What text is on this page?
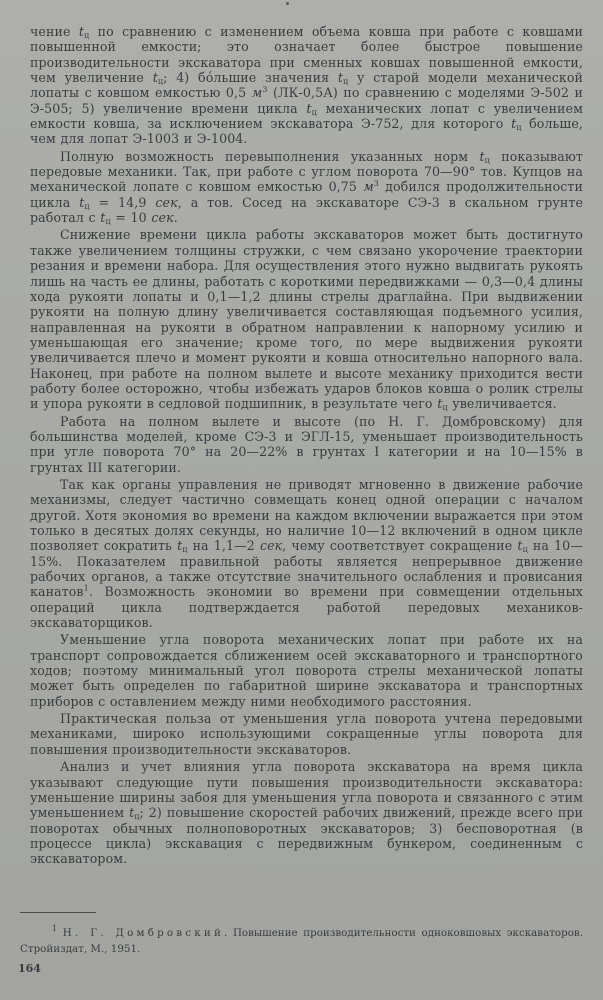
чение $t_ц$ по сравнению с изменением объема ковша при работе с ковшами повышенной емкости; это означает более быстрое повышение производительности экскаватора при сменных ковшах повышенной емкости, чем увеличение $t_ц$; 4) бóльшие значения $t_ц$ у старой модели механической лопаты с ковшом емкостью 0,5 $м^3$ (ЛК-0,5А) по сравнению с моделями Э-502 и Э-505; 5) увеличение времени цикла $t_ц$ механических лопат с увеличением емкости ковша, за исключением экскаватора Э-752, для которого $t_ц$ больше, чем для лопат Э-1003 и Э-1004.

Полную возможность перевыполнения указанных норм $t_ц$ показывают передовые механики. Так, при работе с углом поворота 70—90° тов. Купцов на механической лопате с ковшом емкостью 0,75 $м^3$ добился продолжительности цикла $t_ц = 14,9$ сек, а тов. Сосед на экскаваторе СЭ-3 в скальном грунте работал с $t_ц = 10$ сек.

Снижение времени цикла работы экскаваторов может быть достигнуто также увеличением толщины стружки, с чем связано укорочение траектории резания и времени набора. Для осуществления этого нужно выдвигать рукоять лишь на часть ее длины, работать с короткими передвижками — 0,3—0,4 длины хода рукояти лопаты и 0,1—1,2 длины стрелы драглайна. При выдвижении рукояти на полную длину увеличивается составляющая подъемного усилия, направленная на рукояти в обратном направлении к напорному усилию и уменьшающая его значение; кроме того, по мере выдвижения рукояти увеличивается плечо и момент рукояти и ковша относительно напорного вала. Наконец, при работе на полном вылете и высоте механику приходится вести работу более осторожно, чтобы избежать ударов блоков ковша о ролик стрелы и упора рукояти в седловой подшипник, в результате чего $t_ц$ увеличивается.

Работа на полном вылете и высоте (по Н. Г. Домбровскому) для большинства моделей, кроме СЭ-3 и ЭГЛ-15, уменьшает производительность при угле поворота 70° на 20—22% в грунтах I категории и на 10—15% в грунтах III категории.

Так как органы управления не приводят мгновенно в движение рабочие механизмы, следует частично совмещать конец одной операции с началом другой. Хотя экономия во времени на каждом включении выражается при этом только в десятых долях секунды, но наличие 10—12 включений в одном цикле позволяет сократить $t_ц$ на 1,1—2 сек, чему соответствует сокращение $t_ц$ на 10—15%. Показателем правильной работы является непрерывное движение рабочих органов, а также отсутствие значительного ослабления и провисания канатов$^1$. Возможность экономии во времени при совмещении отдельных операций цикла подтверждается работой передовых механиков-экскаваторщиков.

Уменьшение угла поворота механических лопат при работе их на транспорт сопровождается сближением осей экскаваторного и транспортного ходов; поэтому минимальный угол поворота стрелы механической лопаты может быть определен по габаритной ширине экскаватора и транспортных приборов с оставлением между ними необходимого расстояния.

Практическая польза от уменьшения угла поворота учтена передовыми механиками, широко использующими сокращенные углы поворота для повышения производительности экскаваторов.

Анализ и учет влияния угла поворота экскаватора на время цикла указывают следующие пути повышения производительности экскаватора: уменьшение ширины забоя для уменьшения угла поворота и связанного с этим уменьшением $t_ц$; 2) повышение скоростей рабочих движений, прежде всего при поворотах обычных полноповоротных экскаваторов; 3) бесповоротная (в процессе цикла) экскавация с передвижным бункером, соединенным с экскаватором.

$^1$ Н. Г. Домбровский. Повышение производительности одноковшовых экскаваторов. Стройиздат, М., 1951.
164
